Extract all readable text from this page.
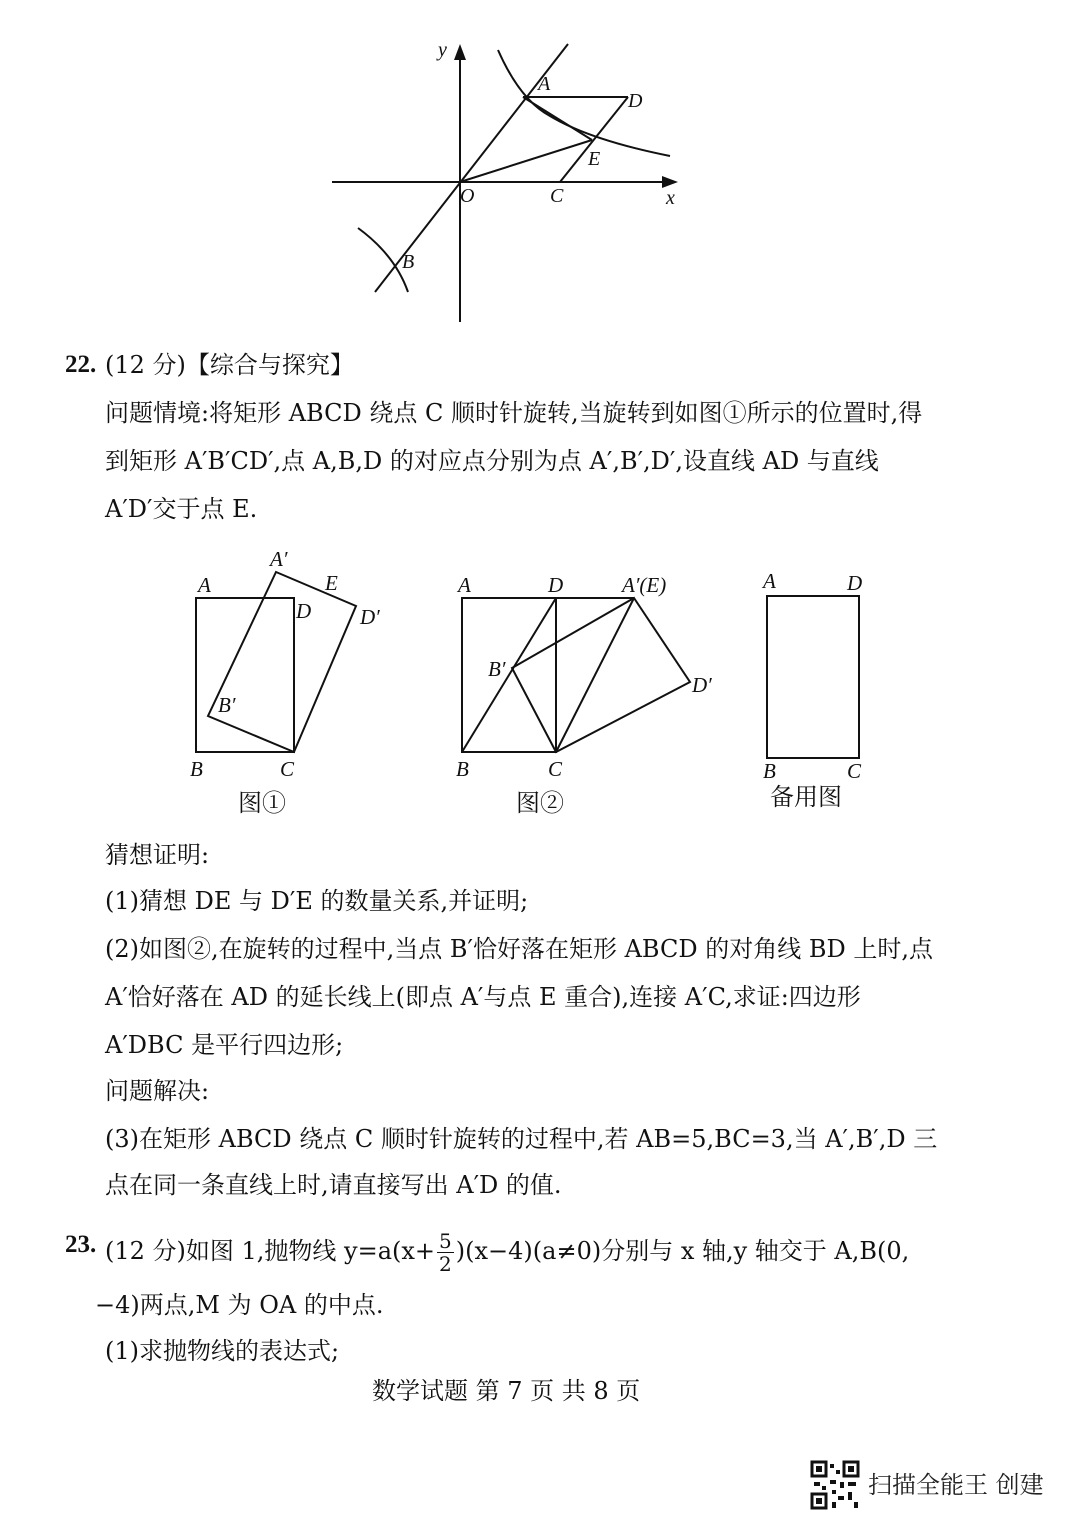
y
x
O
A
D
E
C
B
22. (12 分)【综合与探究】
问题情境:将矩形 ABCD 绕点 C 顺时针旋转,当旋转到如图①所示的位置时,得
到矩形 A′B′CD′,点 A,B,D 的对应点分别为点 A′,B′,D′,设直线 AD 与直线
A′D′交于点 E.
A′
A	E
D D′
B′
B	C
图①
A	D	A′(E)
B′
D′
B	C
图②
A	D
B	C
备用图
猜想证明:
(1)猜想 DE 与 D′E 的数量关系,并证明;
(2)如图②,在旋转的过程中,当点 B′恰好落在矩形 ABCD 的对角线 BD 上时,点
A′恰好落在 AD 的延长线上(即点 A′与点 E 重合),连接 A′C,求证:四边形
A′DBC 是平行四边形;
问题解决:
(3)在矩形 ABCD 绕点 C 顺时针旋转的过程中,若 AB=5,BC=3,当 A′,B′,D 三
点在同一条直线上时,请直接写出 A′D 的值.
23. (12 分)如图 1,抛物线 $y=a(x+ \frac{5}{2} )(x-4)(a\ne 0)$分别与 x 轴,y 轴交于 A,B(0,
−4)两点,M 为 OA 的中点.
(1)求抛物线的表达式;
数学试题 第 7 页 共 8 页
扫描全能王 创建
